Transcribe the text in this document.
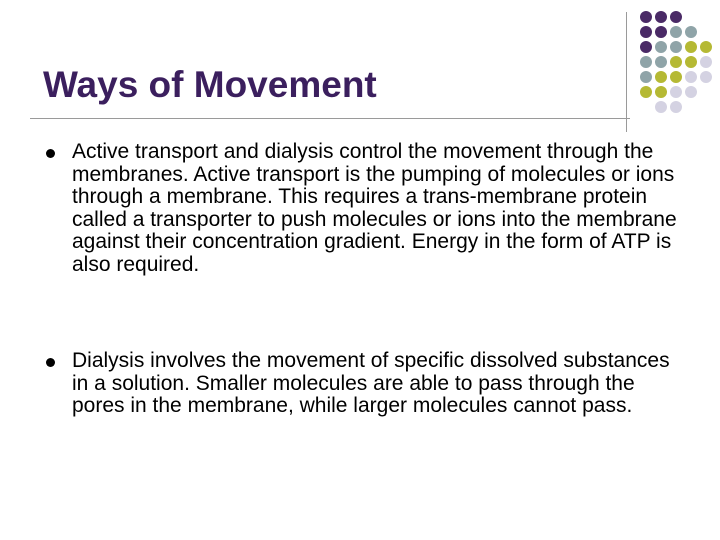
Ways of Movement
Active transport and dialysis control the movement through the membranes. Active transport is the pumping of molecules or ions through a membrane. This requires a trans-membrane protein called a transporter to push molecules or ions into the membrane against their concentration gradient. Energy in the form of ATP is also required.
Dialysis involves the movement of specific dissolved substances in a solution. Smaller molecules are able to pass through the pores in the membrane, while larger molecules cannot pass.
